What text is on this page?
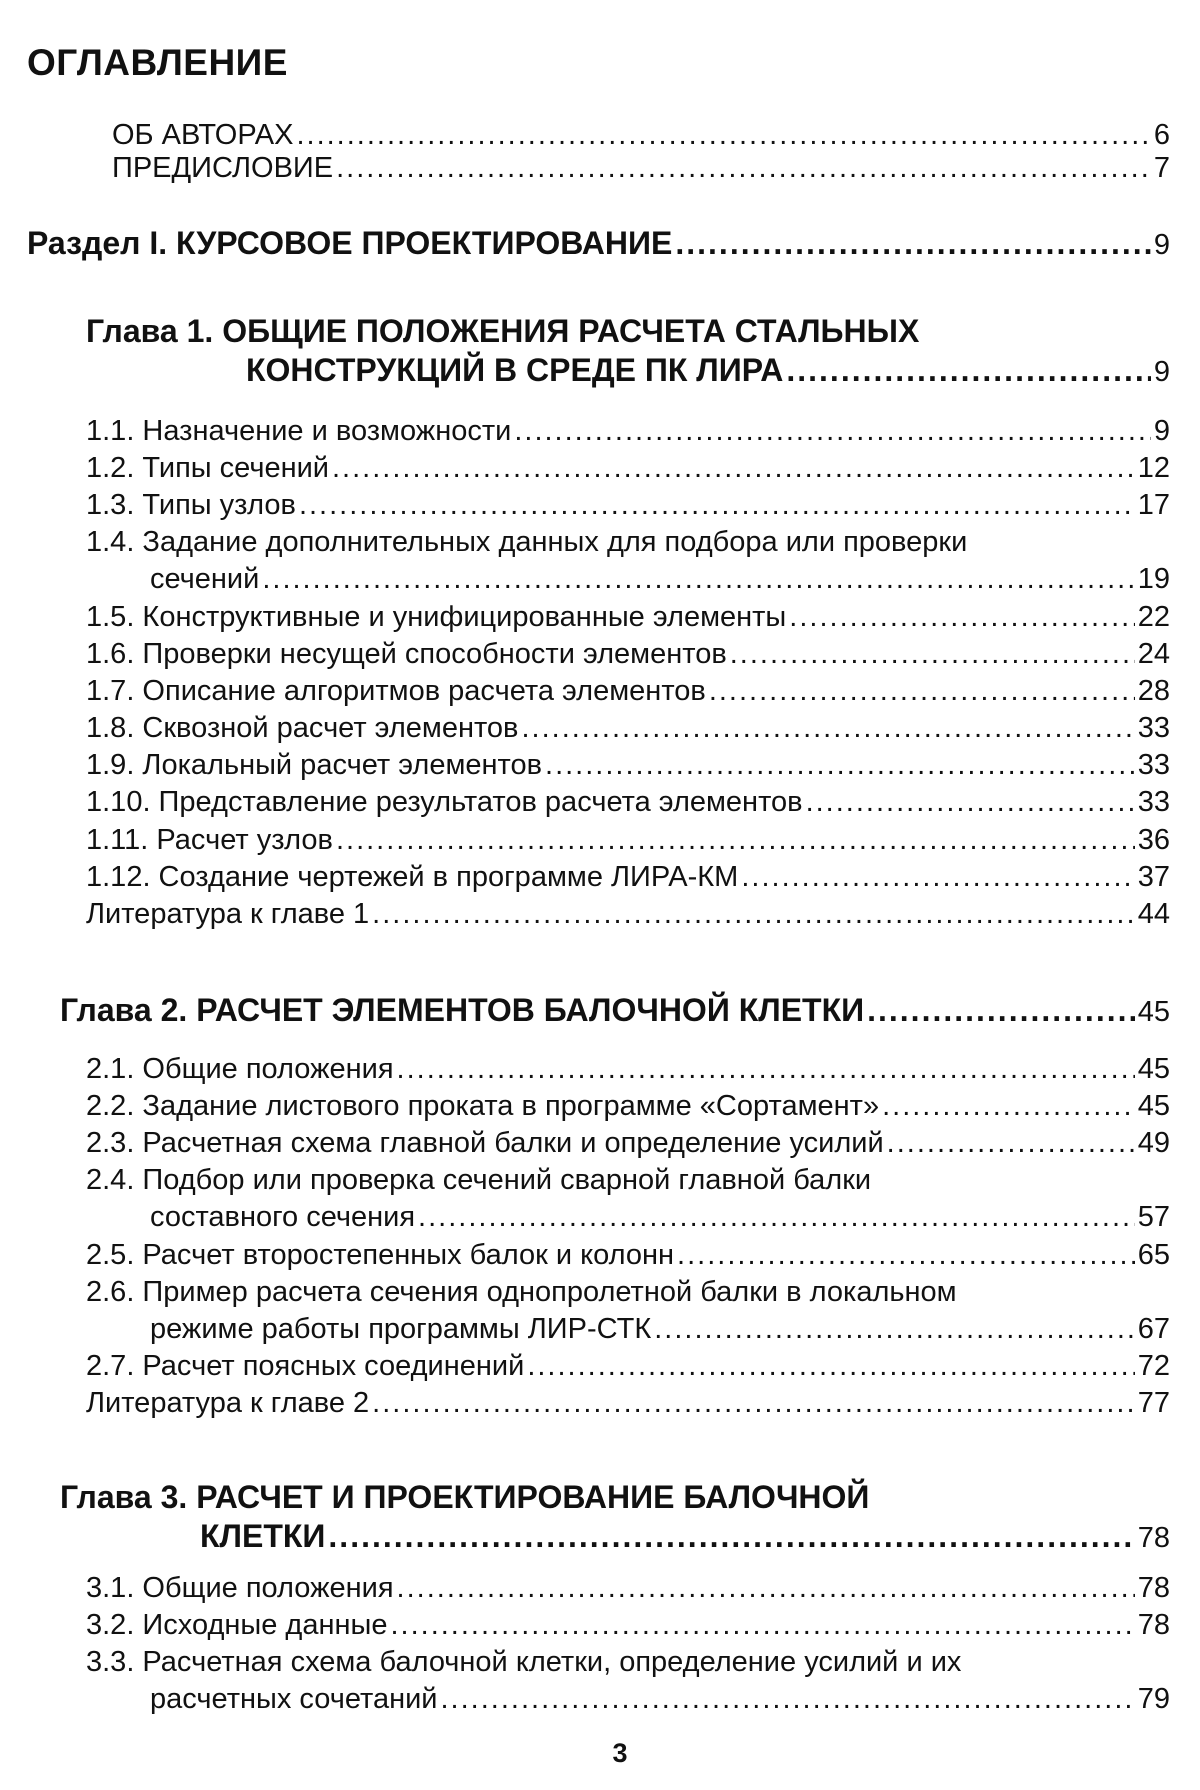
ОГЛАВЛЕНИЕ
ОБ АВТОРАХ .....	6
ПРЕДИСЛОВИЕ .....	7
Раздел I. КУРСОВОЕ ПРОЕКТИРОВАНИЕ .....	9
Глава 1. ОБЩИЕ ПОЛОЖЕНИЯ РАСЧЕТА СТАЛЬНЫХ
КОНСТРУКЦИЙ В СРЕДЕ ПК ЛИРА .....	9
1.1. Назначение и возможности .....	9
1.2. Типы сечений .....	12
1.3. Типы узлов .....	17
1.4. Задание дополнительных данных для подбора или проверки
сечений .....	19
1.5. Конструктивные и унифицированные элементы .....	22
1.6. Проверки несущей способности элементов .....	24
1.7. Описание алгоритмов расчета элементов .....	28
1.8. Сквозной расчет элементов .....	33
1.9. Локальный расчет элементов .....	33
1.10. Представление результатов расчета элементов .....	33
1.11. Расчет узлов .....	36
1.12. Создание чертежей в программе ЛИРА-КМ .....	37
Литература к главе 1 .....	44
Глава 2. РАСЧЕТ ЭЛЕМЕНТОВ БАЛОЧНОЙ КЛЕТКИ .....	45
2.1. Общие положения .....	45
2.2. Задание листового проката в программе «Сортамент» .....	45
2.3. Расчетная схема главной балки и определение усилий .....	49
2.4. Подбор или проверка сечений сварной главной балки
составного сечения .....	57
2.5. Расчет второстепенных балок и колонн .....	65
2.6. Пример расчета сечения однопролетной балки в локальном
режиме работы программы ЛИР-СТК .....	67
2.7. Расчет поясных соединений .....	72
Литература к главе 2 .....	77
Глава 3. РАСЧЕТ И ПРОЕКТИРОВАНИЕ БАЛОЧНОЙ
КЛЕТКИ .....	78
3.1. Общие положения .....	78
3.2. Исходные данные .....	78
3.3. Расчетная схема балочной клетки, определение усилий и их
расчетных сочетаний .....	79
3
